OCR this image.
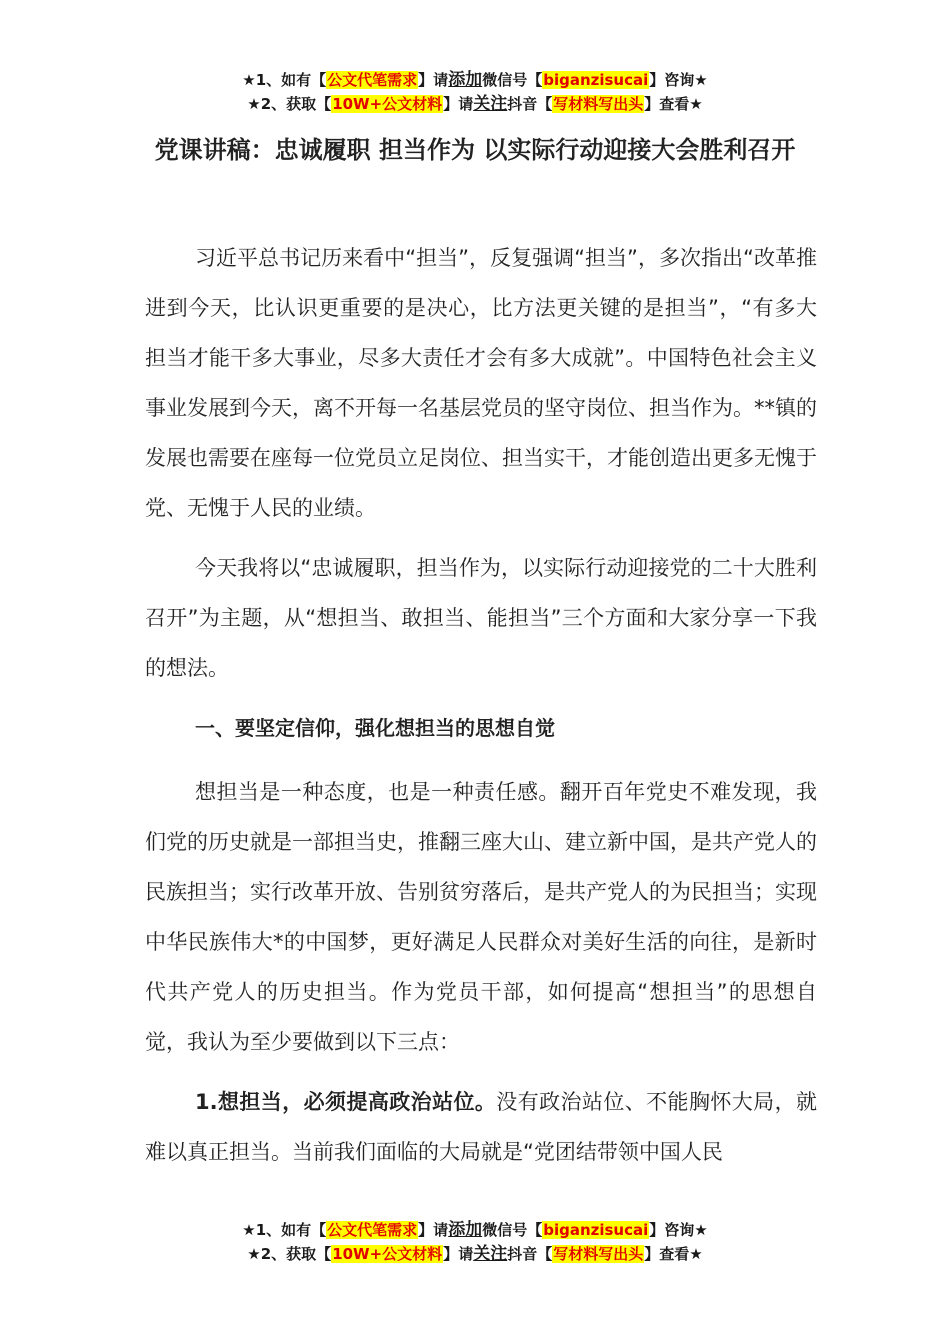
★1、如有【公文代笔需求】请添加微信号【biganzisucai】咨询★
★2、获取【10W+公文材料】请关注抖音【写材料写出头】查看★
党课讲稿：忠诚履职 担当作为 以实际行动迎接大会胜利召开

习近平总书记历来看中“担当”，反复强调“担当”，多次指出“改革推进到今天，比认识更重要的是决心，比方法更关键的是担当”，“有多大担当才能干多大事业，尽多大责任才会有多大成就”。中国特色社会主义事业发展到今天，离不开每一名基层党员的坚守岗位、担当作为。**镇的发展也需要在座每一位党员立足岗位、担当实干，才能创造出更多无愧于党、无愧于人民的业绩。

今天我将以“忠诚履职，担当作为，以实际行动迎接党的二十大胜利召开”为主题，从“想担当、敢担当、能担当”三个方面和大家分享一下我的想法。

一、要坚定信仰，强化想担当的思想自觉

想担当是一种态度，也是一种责任感。翻开百年党史不难发现，我们党的历史就是一部担当史，推翻三座大山、建立新中国，是共产党人的民族担当；实行改革开放、告别贫穷落后，是共产党人的为民担当；实现中华民族伟大*的中国梦，更好满足人民群众对美好生活的向往，是新时代共产党人的历史担当。作为党员干部，如何提高“想担当”的思想自觉，我认为至少要做到以下三点：

1.想担当，必须提高政治站位。没有政治站位、不能胸怀大局，就难以真正担当。当前我们面临的大局就是“党团结带领中国人民

★1、如有【公文代笔需求】请添加微信号【biganzisucai】咨询★
★2、获取【10W+公文材料】请关注抖音【写材料写出头】查看★
